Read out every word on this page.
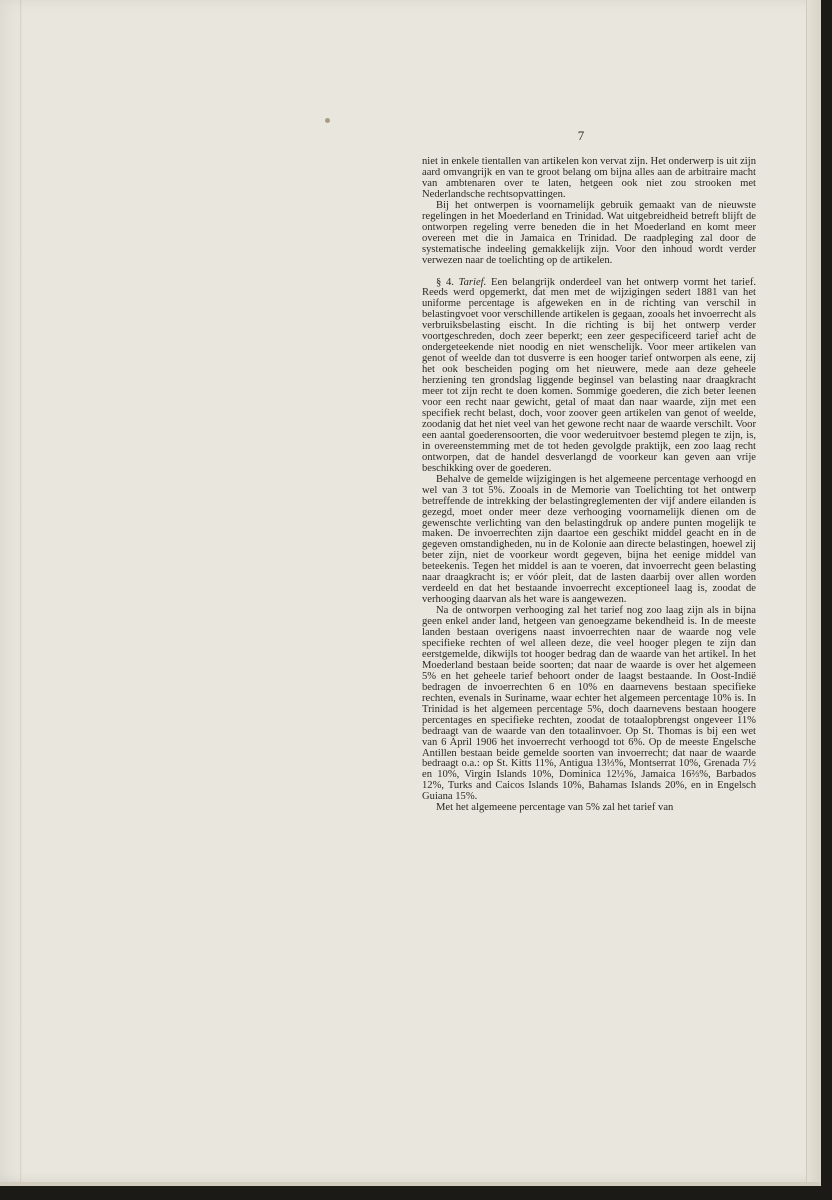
7

niet in enkele tientallen van artikelen kon vervat zijn. Het onderwerp is uit zijn aard omvangrijk en van te groot belang om bijna alles aan de arbitraire macht van ambtenaren over te laten, hetgeen ook niet zou strooken met Nederlandsche rechtsopvattingen.

Bij het ontwerpen is voornamelijk gebruik gemaakt van de nieuwste regelingen in het Moederland en Trinidad. Wat uitgebreidheid betreft blijft de ontworpen regeling verre beneden die in het Moederland en komt meer overeen met die in Jamaica en Trinidad. De raadpleging zal door de systematische indeeling gemakkelijk zijn. Voor den inhoud wordt verder verwezen naar de toelichting op de artikelen.

§ 4. Tarief. Een belangrijk onderdeel van het ontwerp vormt het tarief. Reeds werd opgemerkt, dat men met de wijzigingen sedert 1881 van het uniforme percentage is afgeweken en in de richting van verschil in belastingvoet voor verschillende artikelen is gegaan, zooals het invoerrecht als verbruiksbelasting eischt. In die richting is bij het ontwerp verder voortgeschreden, doch zeer beperkt; een zeer gespecificeerd tarief acht de ondergeteekende niet noodig en niet wenschelijk. Voor meer artikelen van genot of weelde dan tot dusverre is een hooger tarief ontworpen als eene, zij het ook bescheiden poging om het nieuwere, mede aan deze geheele herziening ten grondslag liggende beginsel van belasting naar draagkracht meer tot zijn recht te doen komen. Sommige goederen, die zich beter leenen voor een recht naar gewicht, getal of maat dan naar waarde, zijn met een specifiek recht belast, doch, voor zoover geen artikelen van genot of weelde, zoodanig dat het niet veel van het gewone recht naar de waarde verschilt. Voor een aantal goederensoorten, die voor wederuitvoer bestemd plegen te zijn, is, in overeenstemming met de tot heden gevolgde praktijk, een zoo laag recht ontworpen, dat de handel desverlangd de voorkeur kan geven aan vrije beschikking over de goederen.

Behalve de gemelde wijzigingen is het algemeene percentage verhoogd en wel van 3 tot 5%. Zooals in de Memorie van Toelichting tot het ontwerp betreffende de intrekking der belastingreglementen der vijf andere eilanden is gezegd, moet onder meer deze verhooging voornamelijk dienen om de gewenschte verlichting van den belastingdruk op andere punten mogelijk te maken. De invoerrechten zijn daartoe een geschikt middel geacht en in de gegeven omstandigheden, nu in de Kolonie aan directe belastingen, hoewel zij beter zijn, niet de voorkeur wordt gegeven, bijna het eenige middel van beteekenis. Tegen het middel is aan te voeren, dat invoerrecht geen belasting naar draagkracht is; er vóór pleit, dat de lasten daarbij over allen worden verdeeld en dat het bestaande invoerrecht exceptioneel laag is, zoodat de verhooging daarvan als het ware is aangewezen.

Na de ontworpen verhooging zal het tarief nog zoo laag zijn als in bijna geen enkel ander land, hetgeen van genoegzame bekendheid is. In de meeste landen bestaan overigens naast invoerrechten naar de waarde nog vele specifieke rechten of wel alleen deze, die veel hooger plegen te zijn dan eerstgemelde, dikwijls tot hooger bedrag dan de waarde van het artikel. In het Moederland bestaan beide soorten; dat naar de waarde is over het algemeen 5% en het geheele tarief behoort onder de laagst bestaande. In Oost-Indië bedragen de invoerrechten 6 en 10% en daarnevens bestaan specifieke rechten, evenals in Suriname, waar echter het algemeen percentage 10% is. In Trinidad is het algemeen percentage 5%, doch daarnevens bestaan hoogere percentages en specifieke rechten, zoodat de totaalopbrengst ongeveer 11% bedraagt van de waarde van den totaalinvoer. Op St. Thomas is bij een wet van 6 April 1906 het invoerrecht verhoogd tot 6%. Op de meeste Engelsche Antillen bestaan beide gemelde soorten van invoerrecht; dat naar de waarde bedraagt o.a.: op St. Kitts 11%, Antigua 13⅓%, Montserrat 10%, Grenada 7½ en 10%, Virgin Islands 10%, Dominica 12½%, Jamaica 16⅔%, Barbados 12%, Turks and Caicos Islands 10%, Bahamas Islands 20%, en in Engelsch Guiana 15%.

Met het algemeene percentage van 5% zal het tarief van
